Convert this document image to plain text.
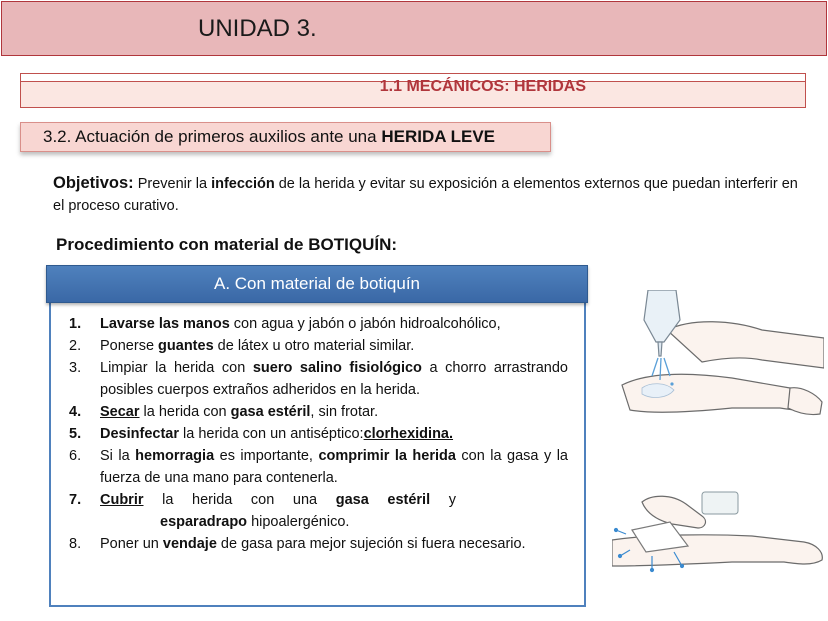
UNIDAD 3.
1.1 MECÁNICOS: HERIDAS
3.2. Actuación de primeros auxilios ante una HERIDA LEVE

Objetivos: Prevenir la infección de la herida y evitar su exposición a elementos externos que puedan interferir en el proceso curativo.

Procedimiento con material de BOTIQUÍN:
A. Con material de botiquín
1. Lavarse las manos con agua y jabón o jabón hidroalcohólico,
2. Ponerse guantes de látex u otro material similar.
3. Limpiar la herida con suero salino fisiológico a chorro arrastrando posibles cuerpos extraños adheridos en la herida.
4. Secar la herida con gasa estéril, sin frotar.
5. Desinfectar la herida con un antiséptico:clorhexidina.
6. Si la hemorragia es importante, comprimir la herida con la gasa y la fuerza de una mano para contenerla.
7. Cubrir la herida con una gasa estéril y
esparadrapo hipoalergénico.
8. Poner un vendaje de gasa para mejor sujeción si fuera necesario.
